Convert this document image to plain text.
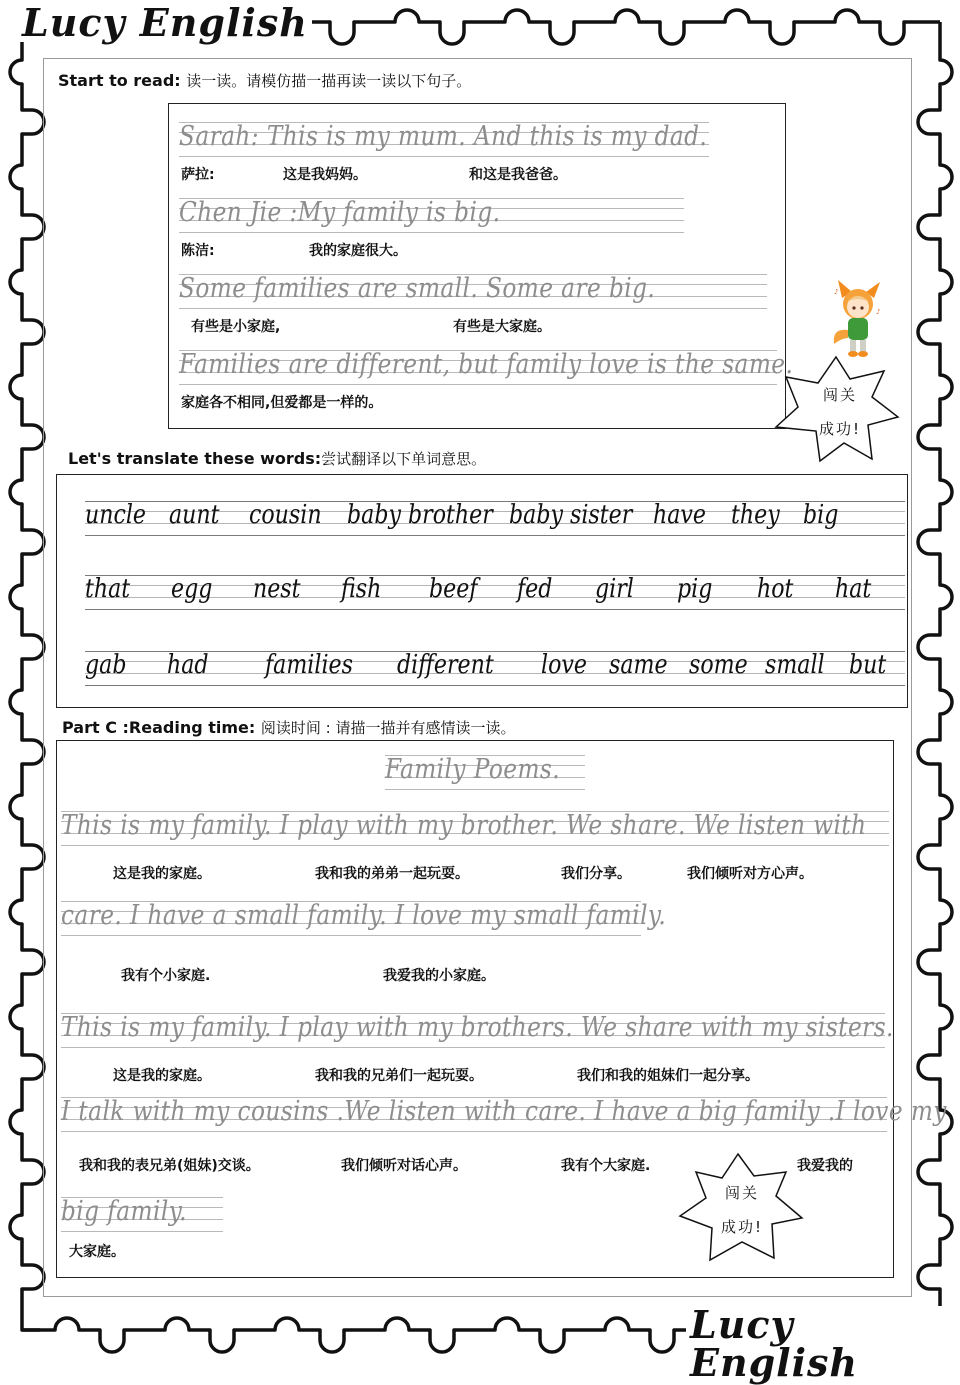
Lucy English
Lucy English
Start to read: 读一读。请模仿描一描再读一读以下句子。
Sarah: This is my mum. And this is my dad.
萨拉:	这是我妈妈。	和这是我爸爸。
Chen Jie :My family is big.
陈洁:	我的家庭很大。
Some families are small. Some are big.
有些是小家庭,	有些是大家庭。
Families are different, but family love is the same.
家庭各不相同,但爱都是一样的。
♪
♪
闯关
成功!
Let's translate these words:尝试翻译以下单词意思。
uncle aunt cousin baby brother baby sister have they big
that egg nest fish beef fed girl pig hot hat
gab had families different love same some small but
Part C :Reading time: 阅读时间 : 请描一描并有感情读一读。
Family Poems.
This is my family. I play with my brother. We share. We listen with
这是我的家庭。	我和我的弟弟一起玩耍。	我们分享。	我们倾听对方心声。
care. I have a small family. I love my small family.
我有个小家庭.	我爱我的小家庭。
This is my family. I play with my brothers. We share with my sisters.
这是我的家庭。	我和我的兄弟们一起玩耍。	我们和我的姐妹们一起分享。
I talk with my cousins .We listen with care. I have a big family .I love my
我和我的表兄弟(姐妹)交谈。	我们倾听对话心声。	我有个大家庭.	我爱我的
big family.
大家庭。
闯关
成功!
